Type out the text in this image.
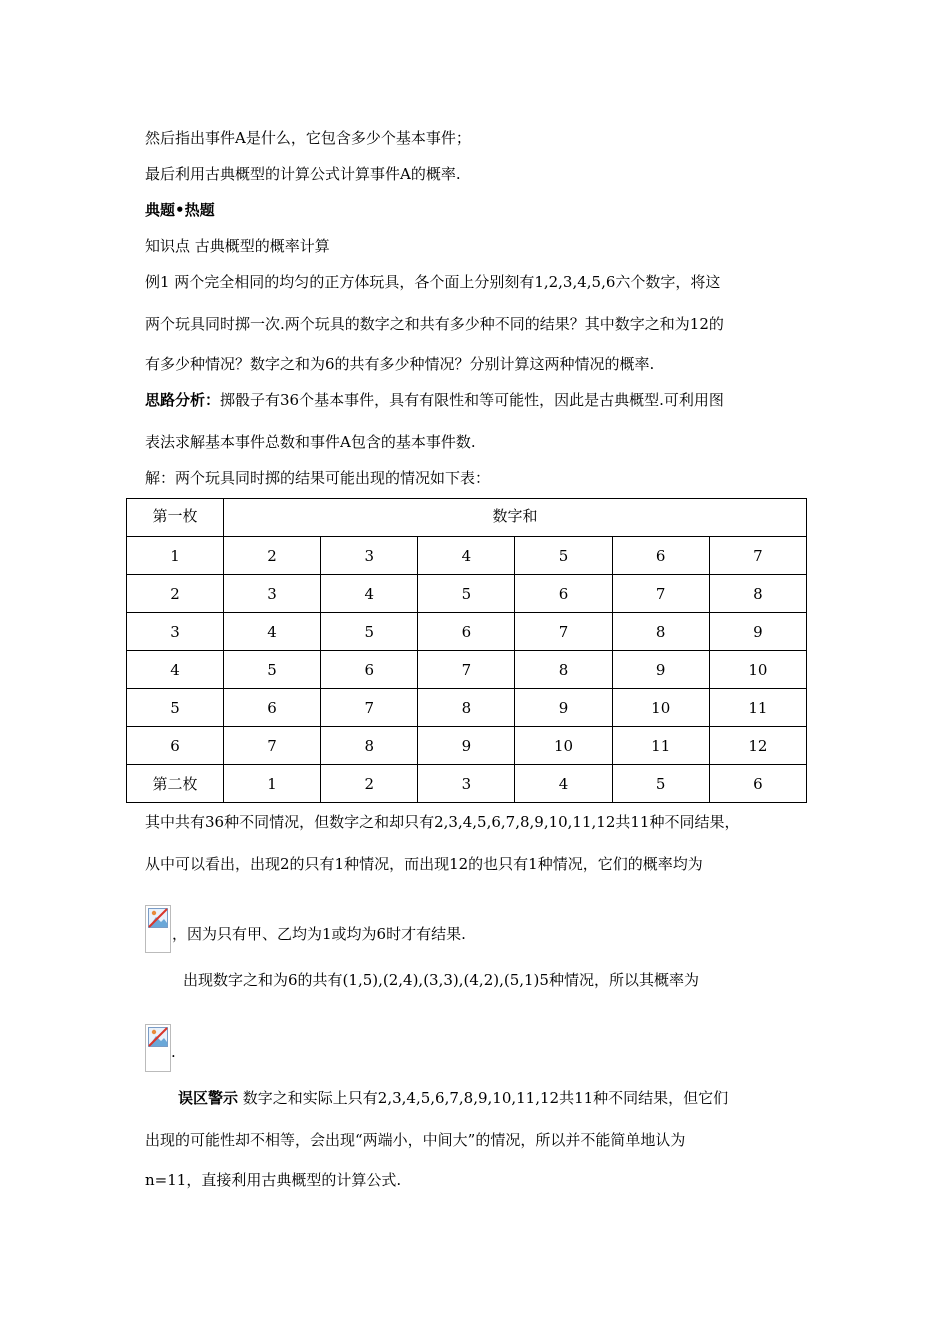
然后指出事件A是什么，它包含多少个基本事件；
最后利用古典概型的计算公式计算事件A的概率.
典题•热题
知识点 古典概型的概率计算
例1 两个完全相同的均匀的正方体玩具，各个面上分别刻有1,2,3,4,5,6六个数字，将这
两个玩具同时掷一次.两个玩具的数字之和共有多少种不同的结果？其中数字之和为12的
有多少种情况？数字之和为6的共有多少种情况？分别计算这两种情况的概率.
思路分析：掷骰子有36个基本事件，具有有限性和等可能性，因此是古典概型.可利用图
表法求解基本事件总数和事件A包含的基本事件数.
解：两个玩具同时掷的结果可能出现的情况如下表：
第一枚	数字和					
1	2	3	4	5	6	7
2	3	4	5	6	7	8
3	4	5	6	7	8	9
4	5	6	7	8	9	10
5	6	7	8	9	10	11
6	7	8	9	10	11	12
第二枚	1	2	3	4	5	6
其中共有36种不同情况，但数字之和却只有2,3,4,5,6,7,8,9,10,11,12共11种不同结果，
从中可以看出，出现2的只有1种情况，而出现12的也只有1种情况，它们的概率均为
，因为只有甲、乙均为1或均为6时才有结果.
出现数字之和为6的共有(1,5),(2,4),(3,3),(4,2),(5,1)5种情况，所以其概率为
.
误区警示 数字之和实际上只有2,3,4,5,6,7,8,9,10,11,12共11种不同结果，但它们
出现的可能性却不相等，会出现“两端小，中间大”的情况，所以并不能简单地认为
n=11，直接利用古典概型的计算公式.
